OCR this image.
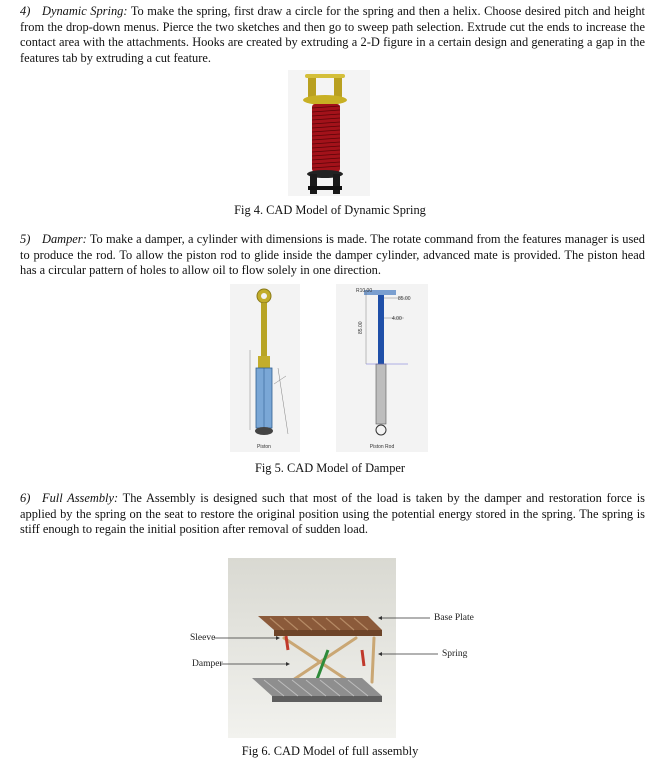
4) Dynamic Spring: To make the spring, first draw a circle for the spring and then a helix. Choose desired pitch and height from the drop-down menus. Pierce the two sketches and then go to sweep path selection. Extrude cut the ends to increase the contact area with the attachments. Hooks are created by extruding a 2-D figure in a certain design and generating a gap in the features tab by extruding a cut feature.
Fig 4. CAD Model of Dynamic Spring
5) Damper: To make a damper, a cylinder with dimensions is made. The rotate command from the features manager is used to produce the rod. To allow the piston rod to glide inside the damper cylinder, advanced mate is provided. The piston head has a circular pattern of holes to allow oil to flow solely in one direction.
Piston
R10.00
85.00
85.00
4.00
Piston Rod
Fig 5. CAD Model of Damper
6) Full Assembly: The Assembly is designed such that most of the load is taken by the damper and restoration force is applied by the spring on the seat to restore the original position using the potential energy stored in the spring. The spring is stiff enough to regain the initial position after removal of sudden load.
Sleeve
Damper
Base Plate
Spring
Fig 6. CAD Model of full assembly
